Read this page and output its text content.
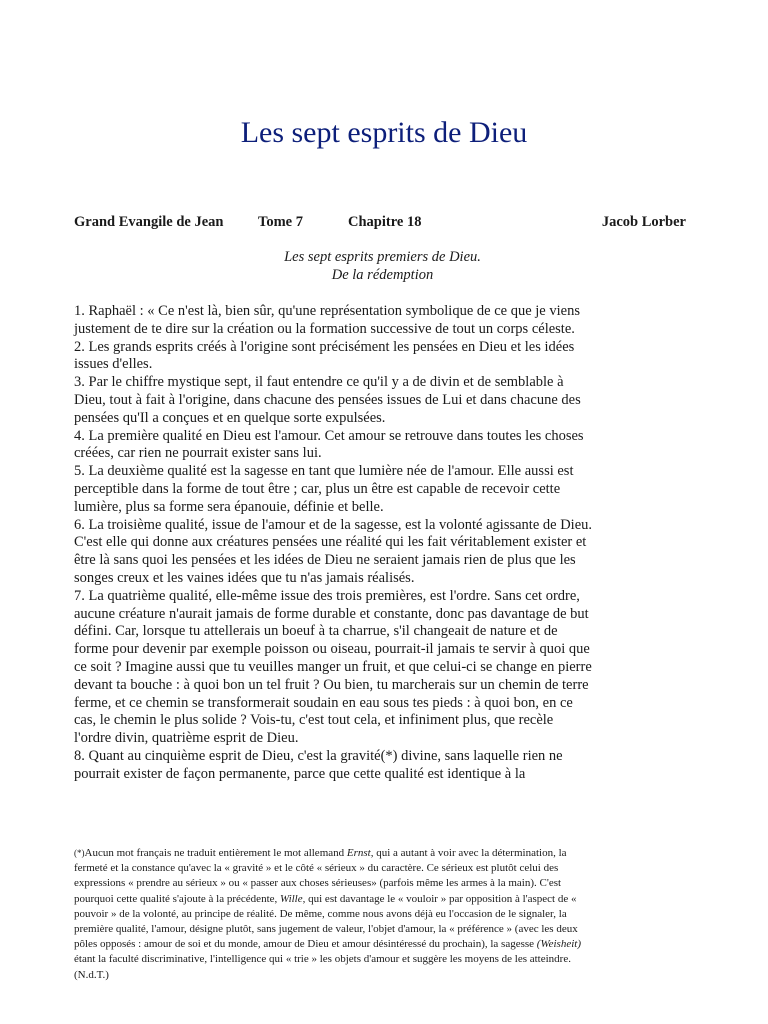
Les sept esprits de Dieu
Grand Evangile de Jean Tome 7	Chapitre 18	Jacob Lorber
Les sept esprits premiers de Dieu.
De la rédemption

1. Raphaël : « Ce n'est là, bien sûr, qu'une représentation symbolique de ce que je viens justement de te dire sur la création ou la formation successive de tout un corps céleste.

2. Les grands esprits créés à l'origine sont précisément les pensées en Dieu et les idées issues d'elles.

3. Par le chiffre mystique sept, il faut entendre ce qu'il y a de divin et de semblable à Dieu, tout à fait à l'origine, dans chacune des pensées issues de Lui et dans chacune des pensées qu'Il a conçues et en quelque sorte expulsées.

4. La première qualité en Dieu est l'amour. Cet amour se retrouve dans toutes les choses créées, car rien ne pourrait exister sans lui.

5. La deuxième qualité est la sagesse en tant que lumière née de l'amour. Elle aussi est perceptible dans la forme de tout être ; car, plus un être est capable de recevoir cette lumière, plus sa forme sera épanouie, définie et belle.

6. La troisième qualité, issue de l'amour et de la sagesse, est la volonté agissante de Dieu. C'est elle qui donne aux créatures pensées une réalité qui les fait véritablement exister et être là sans quoi les pensées et les idées de Dieu ne seraient jamais rien de plus que les songes creux et les vaines idées que tu n'as jamais réalisés.

7. La quatrième qualité, elle-même issue des trois premières, est l'ordre. Sans cet ordre, aucune créature n'aurait jamais de forme durable et constante, donc pas davantage de but défini. Car, lorsque tu attellerais un boeuf à ta charrue, s'il changeait de nature et de forme pour devenir par exemple poisson ou oiseau, pourrait-il jamais te servir à quoi que ce soit ? Imagine aussi que tu veuilles manger un fruit, et que celui-ci se change en pierre devant ta bouche : à quoi bon un tel fruit ? Ou bien, tu marcherais sur un chemin de terre ferme, et ce chemin se transformerait soudain en eau sous tes pieds : à quoi bon, en ce cas, le chemin le plus solide ? Vois-tu, c'est tout cela, et infiniment plus, que recèle l'ordre divin, quatrième esprit de Dieu.

8. Quant au cinquième esprit de Dieu, c'est la gravité(*) divine, sans laquelle rien ne pourrait exister de façon permanente, parce que cette qualité est identique à la

(*)Aucun mot français ne traduit entièrement le mot allemand Ernst, qui a autant à voir avec la détermination, la fermeté et la constance qu'avec la « gravité » et le côté « sérieux » du caractère. Ce sérieux est plutôt celui des expressions « prendre au sérieux » ou « passer aux choses sérieuses» (parfois même les armes à la main). C'est pourquoi cette qualité s'ajoute à la précédente, Wille, qui est davantage le « vouloir » par opposition à l'aspect de « pouvoir » de la volonté, au principe de réalité. De même, comme nous avons déjà eu l'occasion de le signaler, la première qualité, l'amour, désigne plutôt, sans jugement de valeur, l'objet d'amour, la « préférence » (avec les deux pôles opposés : amour de soi et du monde, amour de Dieu et amour désintéressé du prochain), la sagesse (Weisheit) étant la faculté discriminative, l'intelligence qui « trie » les objets d'amour et suggère les moyens de les atteindre. (N.d.T.)
